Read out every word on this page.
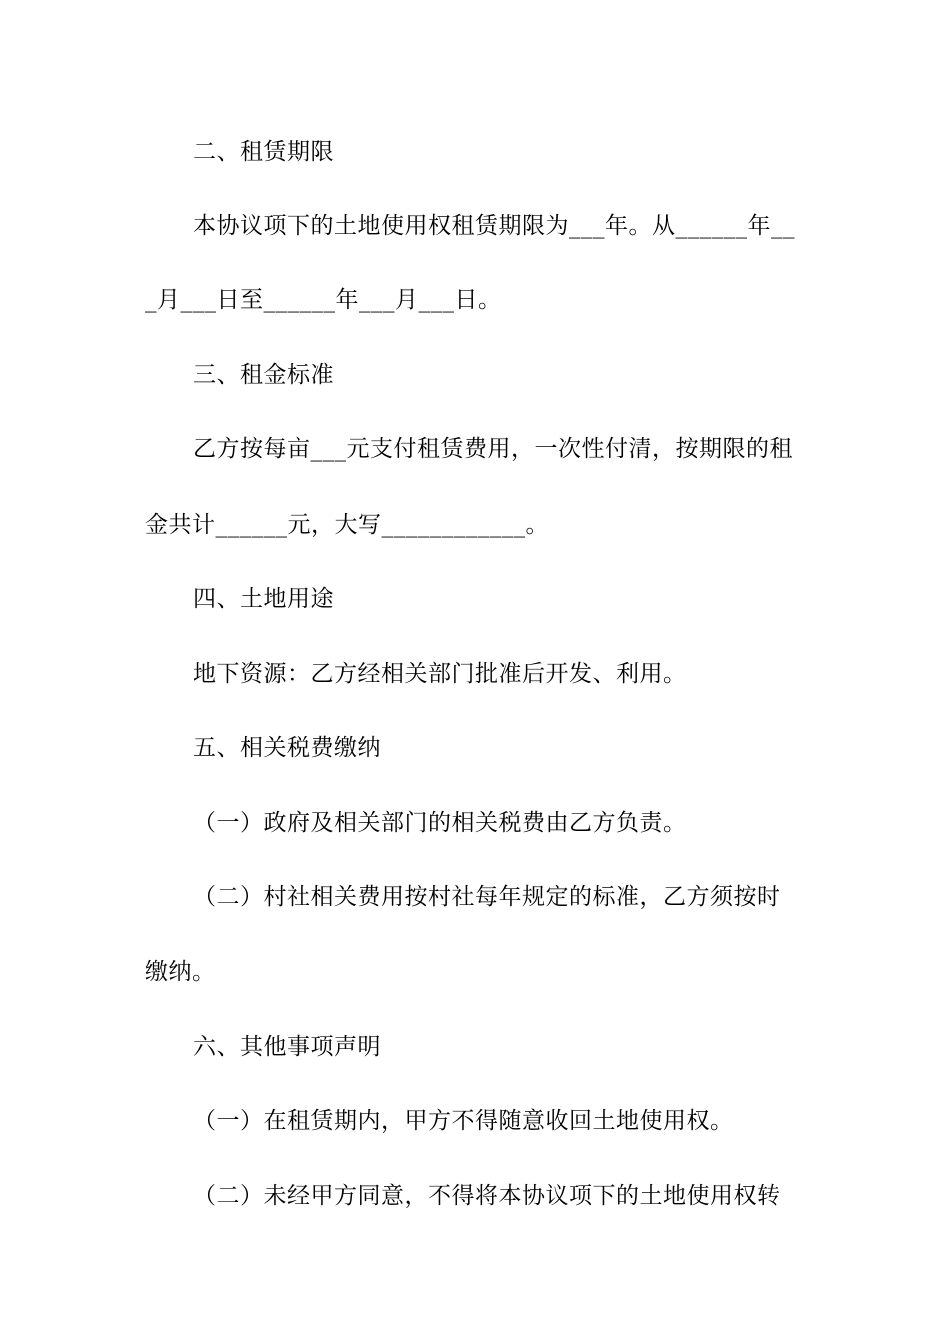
二、租赁期限
本协议项下的土地使用权租赁期限为___年。从______年__
_月___日至______年___月___日。
三、租金标准
乙方按每亩___元支付租赁费用，一次性付清，按期限的租
金共计______元，大写____________。
四、土地用途
地下资源：乙方经相关部门批准后开发、利用。
五、相关税费缴纳
（一）政府及相关部门的相关税费由乙方负责。
（二）村社相关费用按村社每年规定的标准，乙方须按时
缴纳。
六、其他事项声明
（一）在租赁期内，甲方不得随意收回土地使用权。
（二）未经甲方同意，不得将本协议项下的土地使用权转
